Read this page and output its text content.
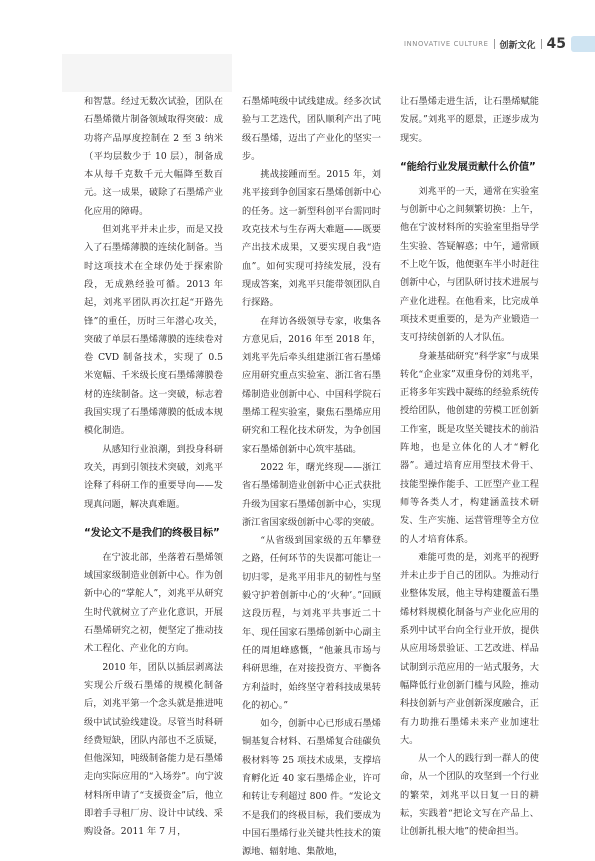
INNOVATIVE CULTURE 创新文化 45

和智慧。经过无数次试验，团队在石墨烯微片制备领域取得突破：成功将产品厚度控制在 2 至 3 纳米（平均层数少于 10 层），制备成本从每千克数千元大幅降至数百元。这一成果，破除了石墨烯产业化应用的障碍。

但刘兆平并未止步，而是又投入了石墨烯薄膜的连续化制备。当时这项技术在全球仍处于探索阶段，无成熟经验可循。2013 年起，刘兆平团队再次扛起“开路先锋”的重任，历时三年潜心攻关，突破了单层石墨烯薄膜的连续卷对卷 CVD 制备技术，实现了 0.5 米宽幅、千米级长度石墨烯薄膜卷材的连续制备。这一突破，标志着我国实现了石墨烯薄膜的低成本规模化制造。

从感知行业浪潮，到投身科研攻关，再到引领技术突破，刘兆平诠释了科研工作的重要导向——发现真问题，解决真难题。

“发论文不是我们的终极目标”

在宁波北部，坐落着石墨烯领域国家级制造业创新中心。作为创新中心的“掌舵人”，刘兆平从研究生时代就树立了产业化意识，开展石墨烯研究之初，便坚定了推动技术工程化、产业化的方向。

2010 年，团队以插层剥离法实现公斤级石墨烯的规模化制备后，刘兆平第一个念头就是推进吨级中试试验线建设。尽管当时科研经费短缺，团队内部也不乏质疑，但他深知，吨级制备能力是石墨烯走向实际应用的“入场券”。向宁波材料所申请了“支援资金”后，他立即着手寻租厂房、设计中试线、采购设备。2011 年 7 月，

石墨烯吨级中试线建成。经多次试验与工艺迭代，团队顺利产出了吨级石墨烯，迈出了产业化的坚实一步。

挑战接踵而至。2015 年，刘兆平接到争创国家石墨烯创新中心的任务。这一新型科创平台需同时攻克技术与生存两大难题——既要产出技术成果，又要实现自我“造血”。如何实现可持续发展，没有现成答案，刘兆平只能带领团队自行探路。

在拜访各级领导专家，收集各方意见后，2016 年至 2018 年，刘兆平先后牵头组建浙江省石墨烯应用研究重点实验室、浙江省石墨烯制造业创新中心、中国科学院石墨烯工程实验室，聚焦石墨烯应用研究和工程化技术研发，为争创国家石墨烯创新中心筑牢基础。

2022 年，曙光终现——浙江省石墨烯制造业创新中心正式获批升级为国家石墨烯创新中心，实现浙江省国家级创新中心零的突破。

“从省级到国家级的五年攀登之路，任何环节的失误都可能让一切归零，是兆平用非凡的韧性与坚毅守护着创新中心的‘火种’。”回顾这段历程，与刘兆平共事近二十年、现任国家石墨烯创新中心副主任的周旭峰感慨，“他兼具市场与科研思维，在对接投资方、平衡各方利益时，始终坚守着科技成果转化的初心。”

如今，创新中心已形成石墨烯铜基复合材料、石墨烯复合硅碳负极材料等 25 项技术成果，支撑培育孵化近 40 家石墨烯企业，许可和转让专利超过 800 件。“发论文不是我们的终极目标，我们要成为中国石墨烯行业关键共性技术的策源地、辐射地、集散地，

让石墨烯走进生活，让石墨烯赋能发展。”刘兆平的愿景，正逐步成为现实。

“能给行业发展贡献什么价值”

刘兆平的一天，通常在实验室与创新中心之间频繁切换：上午，他在宁波材料所的实验室里指导学生实验、答疑解惑；中午，通常顾不上吃午饭，他便驱车半小时赶往创新中心，与团队研讨技术进展与产业化进程。在他看来，比完成单项技术更重要的，是为产业锻造一支可持续创新的人才队伍。

身兼基础研究“科学家”与成果转化“企业家”双重身份的刘兆平，正将多年实践中凝练的经验系统传授给团队，他创建的劳模工匠创新工作室，既是攻坚关键技术的前沿阵地，也是立体化的人才“孵化器”。通过培育应用型技术骨干、技能型操作能手、工匠型产业工程师等各类人才，构建涵盖技术研发、生产实施、运营管理等全方位的人才培育体系。

难能可贵的是，刘兆平的视野并未止步于自己的团队。为推动行业整体发展，他主导构建覆盖石墨烯材料规模化制备与产业化应用的系列中试平台向全行业开放，提供从应用场景验证、工艺改进、样品试制到示范应用的一站式服务，大幅降低行业创新门槛与风险，推动科技创新与产业创新深度融合，正有力助推石墨烯未来产业加速壮大。

从一个人的践行到一群人的使命，从一个团队的攻坚到一个行业的繁荣，刘兆平以日复一日的耕耘，实践着“把论文写在产品上、让创新扎根大地”的使命担当。
